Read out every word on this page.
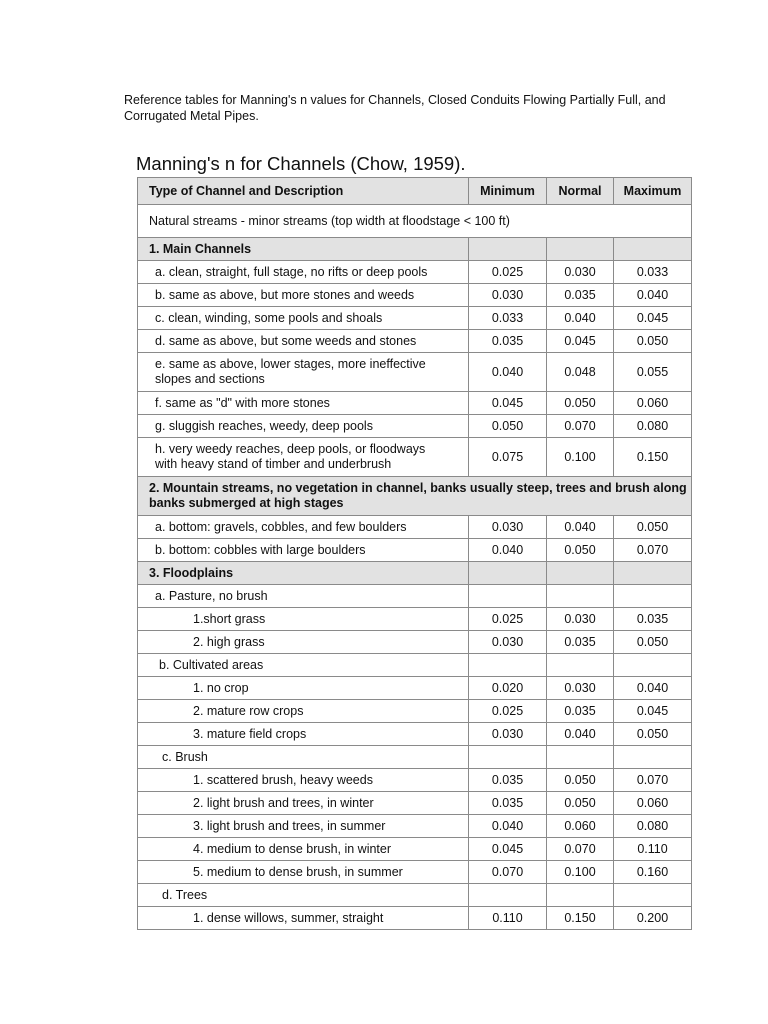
Reference tables for Manning's n values for Channels, Closed Conduits Flowing Partially Full, and Corrugated Metal Pipes.

Manning's n for Channels (Chow, 1959).
Type of Channel and Description	Minimum	Normal	Maximum
Natural streams - minor streams (top width at floodstage < 100 ft)			
1. Main Channels			
a. clean, straight, full stage, no rifts or deep pools	0.025	0.030	0.033
b. same as above, but more stones and weeds	0.030	0.035	0.040
c. clean, winding, some pools and shoals	0.033	0.040	0.045
d. same as above, but some weeds and stones	0.035	0.045	0.050
e. same as above, lower stages, more ineffective
slopes and sections	0.040	0.048	0.055
f. same as "d" with more stones	0.045	0.050	0.060
g. sluggish reaches, weedy, deep pools	0.050	0.070	0.080
h. very weedy reaches, deep pools, or floodways
with heavy stand of timber and underbrush	0.075	0.100	0.150
2. Mountain streams, no vegetation in channel, banks usually steep, trees and brush along
banks submerged at high stages			
a. bottom: gravels, cobbles, and few boulders	0.030	0.040	0.050
b. bottom: cobbles with large boulders	0.040	0.050	0.070
3. Floodplains			
a. Pasture, no brush			
1.short grass	0.025	0.030	0.035
2. high grass	0.030	0.035	0.050
b. Cultivated areas			
1. no crop	0.020	0.030	0.040
2. mature row crops	0.025	0.035	0.045
3. mature field crops	0.030	0.040	0.050
c. Brush			
1. scattered brush, heavy weeds	0.035	0.050	0.070
2. light brush and trees, in winter	0.035	0.050	0.060
3. light brush and trees, in summer	0.040	0.060	0.080
4. medium to dense brush, in winter	0.045	0.070	0.110
5. medium to dense brush, in summer	0.070	0.100	0.160
d. Trees			
1. dense willows, summer, straight	0.110	0.150	0.200
